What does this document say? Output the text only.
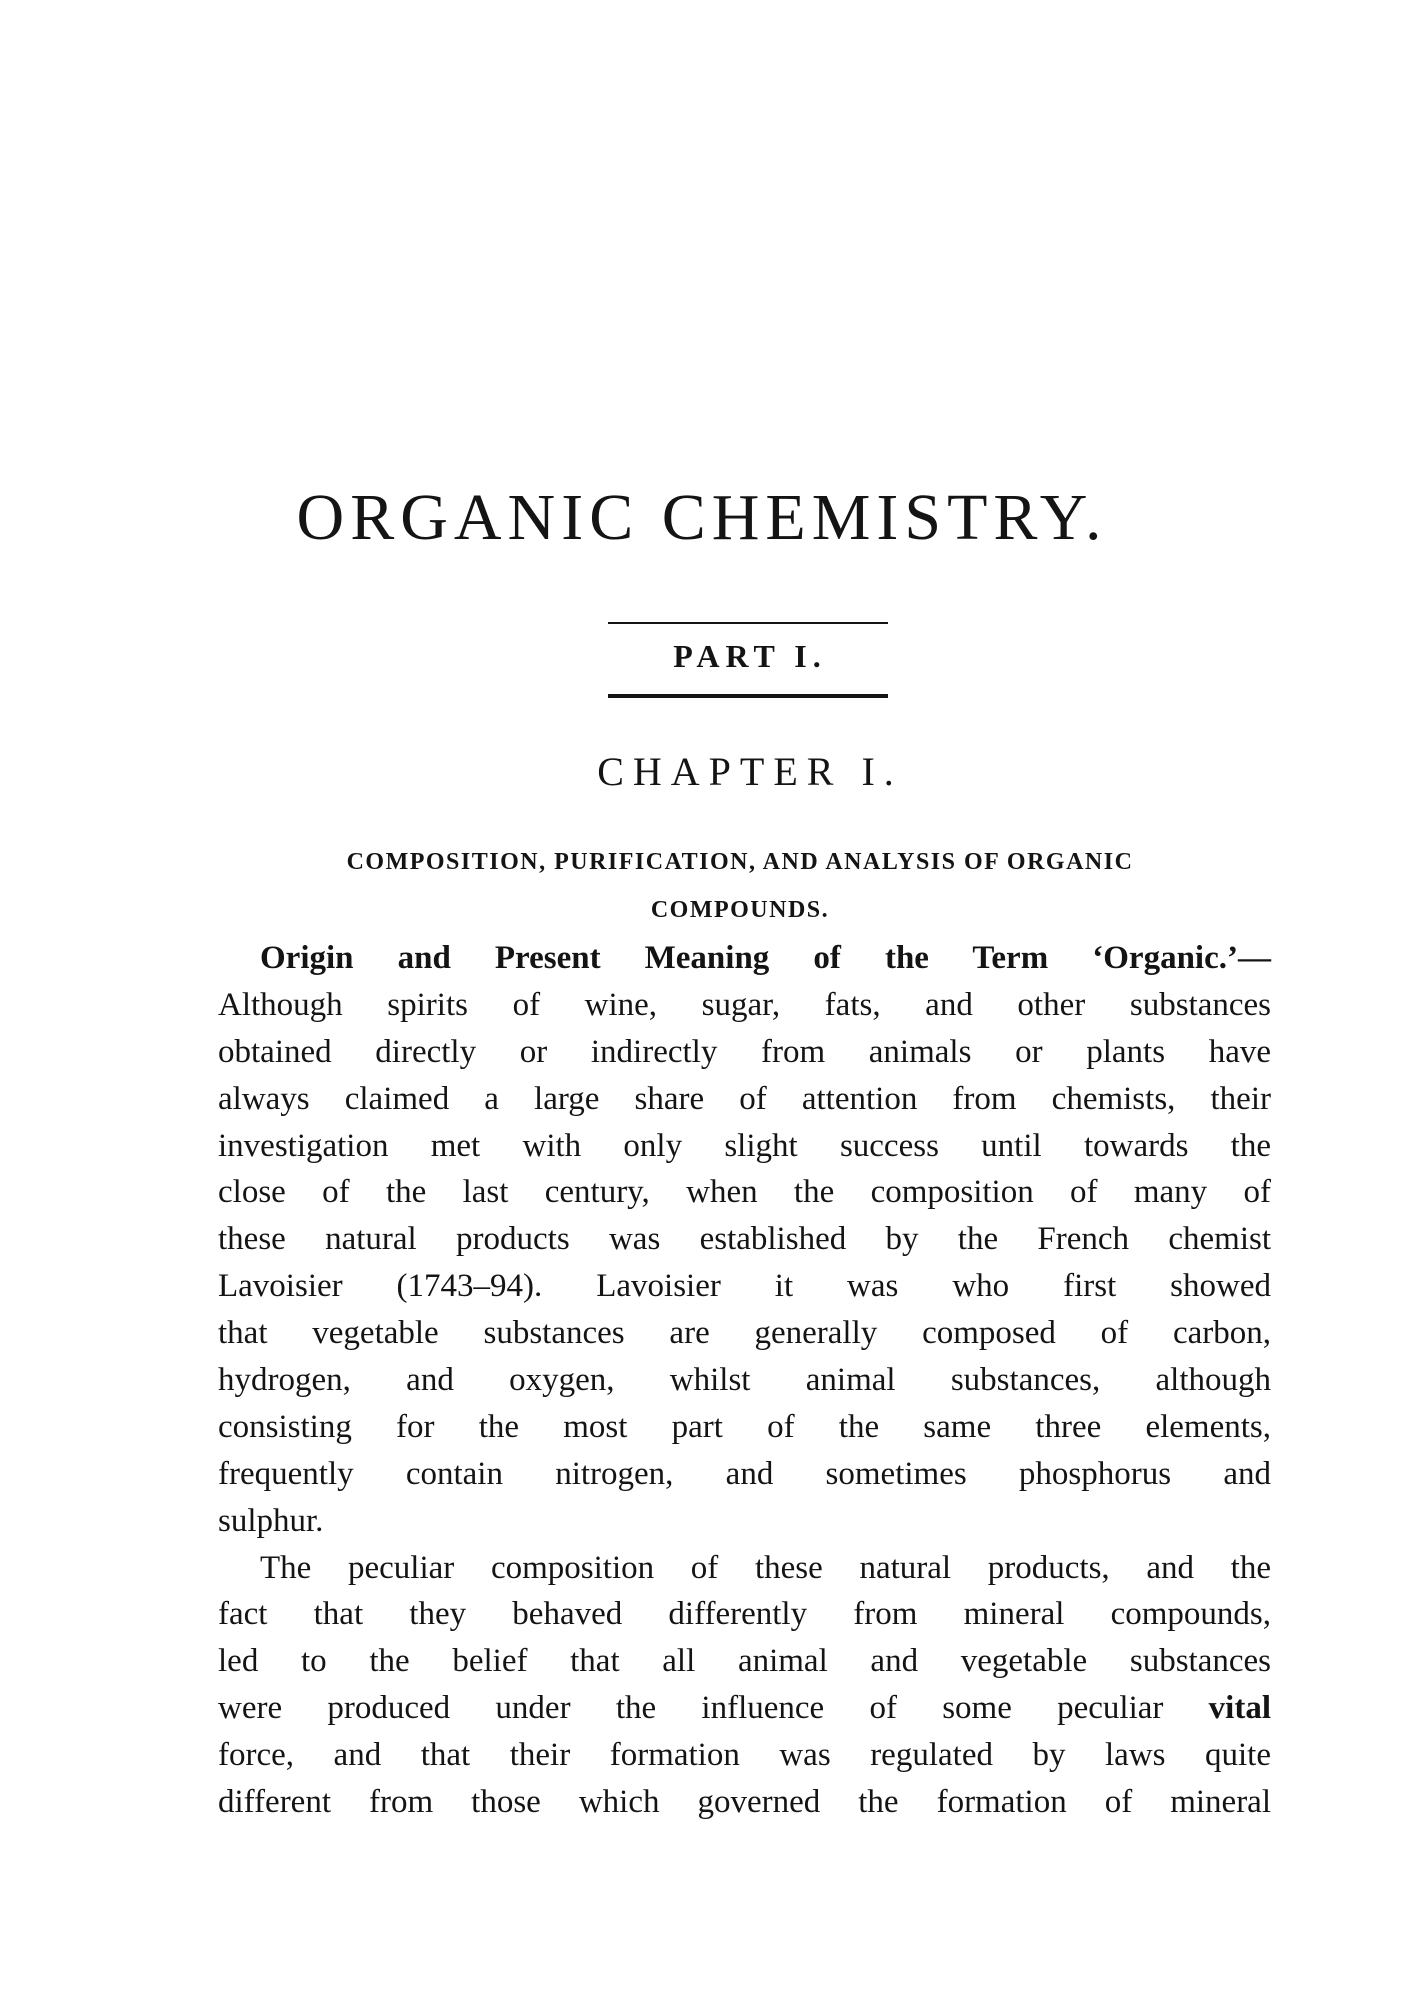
ORGANIC CHEMISTRY.
PART I.
CHAPTER I.
COMPOSITION, PURIFICATION, AND ANALYSIS OF ORGANIC
COMPOUNDS.
Origin and Present Meaning of the Term ‘Organic.’—
Although spirits of wine, sugar, fats, and other substances
obtained directly or indirectly from animals or plants have
always claimed a large share of attention from chemists, their
investigation met with only slight success until towards the
close of the last century, when the composition of many of
these natural products was established by the French chemist
Lavoisier (1743–94). Lavoisier it was who first showed
that vegetable substances are generally composed of carbon,
hydrogen, and oxygen, whilst animal substances, although
consisting for the most part of the same three elements,
frequently contain nitrogen, and sometimes phosphorus and
sulphur.
The peculiar composition of these natural products, and the
fact that they behaved differently from mineral compounds,
led to the belief that all animal and vegetable substances
were produced under the influence of some peculiar vital
force, and that their formation was regulated by laws quite
different from those which governed the formation of mineral
